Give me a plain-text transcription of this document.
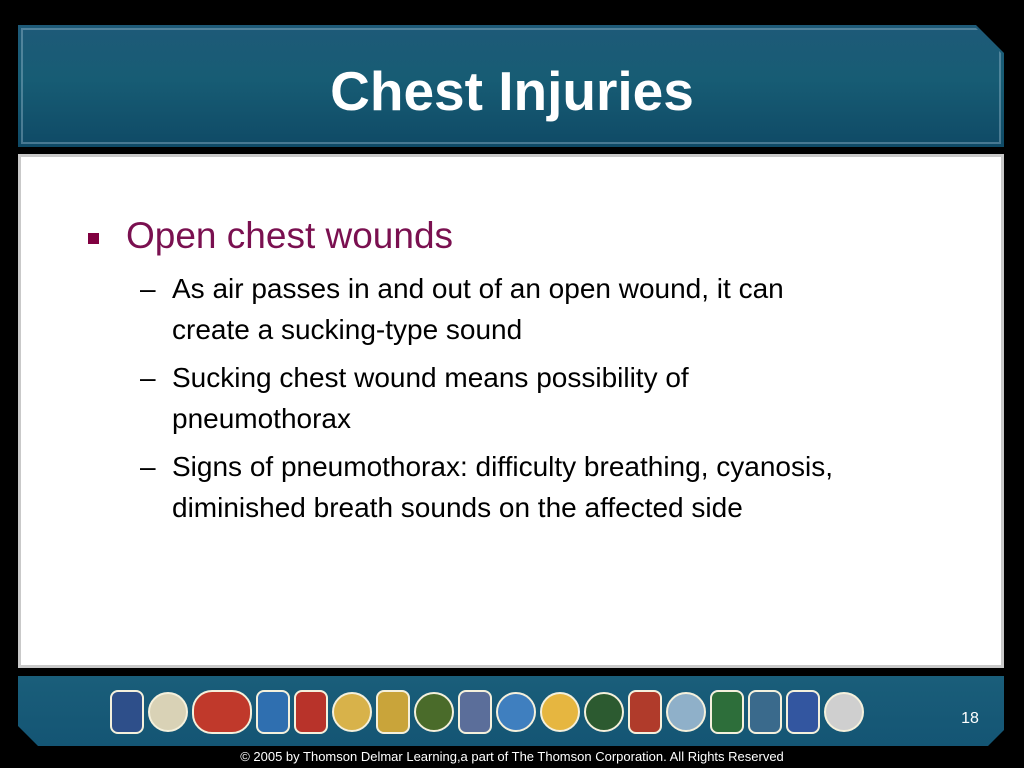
Chest Injuries
Open chest wounds
– As air passes in and out of an open wound, it can create a sucking-type sound
– Sucking chest wound means possibility of pneumothorax
– Signs of pneumothorax: difficulty breathing, cyanosis, diminished breath sounds on the affected side
18

© 2005 by Thomson Delmar Learning,a part of The Thomson Corporation. All Rights Reserved
